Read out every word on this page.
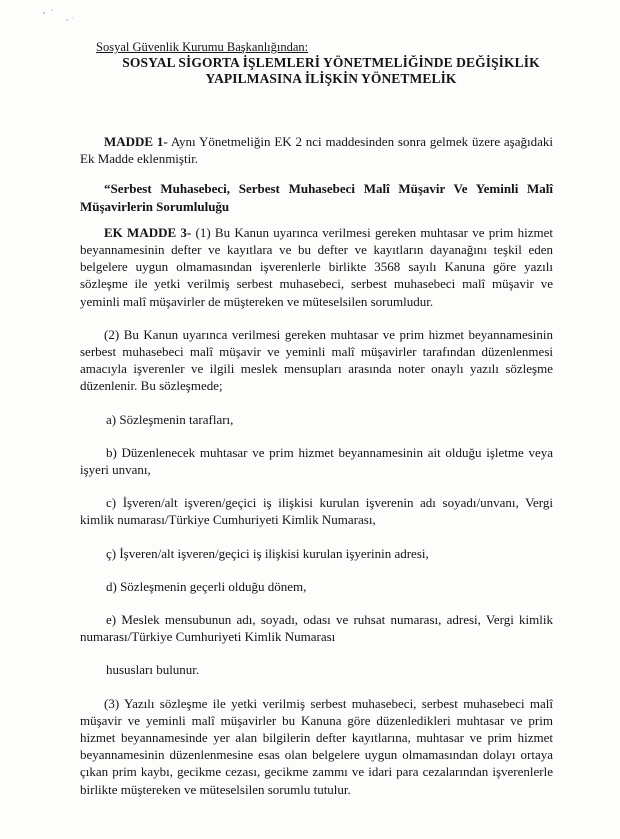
Sosyal Güvenlik Kurumu Başkanlığından:

SOSYAL SİGORTA İŞLEMLERİ YÖNETMELİĞİNDE DEĞİŞİKLİK

YAPILMASINA İLİŞKİN YÖNETMELİK

MADDE 1- Aynı Yönetmeliğin EK 2 nci maddesinden sonra gelmek üzere aşağıdaki Ek Madde eklenmiştir.

“Serbest Muhasebeci, Serbest Muhasebeci Malî Müşavir Ve Yeminli Malî Müşavirlerin Sorumluluğu

EK MADDE 3- (1) Bu Kanun uyarınca verilmesi gereken muhtasar ve prim hizmet beyannamesinin defter ve kayıtlara ve bu defter ve kayıtların dayanağını teşkil eden belgelere uygun olmamasından işverenlerle birlikte 3568 sayılı Kanuna göre yazılı sözleşme ile yetki verilmiş serbest muhasebeci, serbest muhasebeci malî müşavir ve yeminli malî müşavirler de müştereken ve müteselsilen sorumludur.

(2) Bu Kanun uyarınca verilmesi gereken muhtasar ve prim hizmet beyannamesinin serbest muhasebeci malî müşavir ve yeminli malî müşavirler tarafından düzenlenmesi amacıyla işverenler ve ilgili meslek mensupları arasında noter onaylı yazılı sözleşme düzenlenir. Bu sözleşmede;

a) Sözleşmenin tarafları,

b) Düzenlenecek muhtasar ve prim hizmet beyannamesinin ait olduğu işletme veya işyeri unvanı,

c) İşveren/alt işveren/geçici iş ilişkisi kurulan işverenin adı soyadı/unvanı, Vergi kimlik numarası/Türkiye Cumhuriyeti Kimlik Numarası,

ç) İşveren/alt işveren/geçici iş ilişkisi kurulan işyerinin adresi,

d) Sözleşmenin geçerli olduğu dönem,

e) Meslek mensubunun adı, soyadı, odası ve ruhsat numarası, adresi, Vergi kimlik numarası/Türkiye Cumhuriyeti Kimlik Numarası

hususları bulunur.

(3) Yazılı sözleşme ile yetki verilmiş serbest muhasebeci, serbest muhasebeci malî müşavir ve yeminli malî müşavirler bu Kanuna göre düzenledikleri muhtasar ve prim hizmet beyannamesinde yer alan bilgilerin defter kayıtlarına, muhtasar ve prim hizmet beyannamesinin düzenlenmesine esas olan belgelere uygun olmamasından dolayı ortaya çıkan prim kaybı, gecikme cezası, gecikme zammı ve idari para cezalarından işverenlerle birlikte müştereken ve müteselsilen sorumlu tutulur.
